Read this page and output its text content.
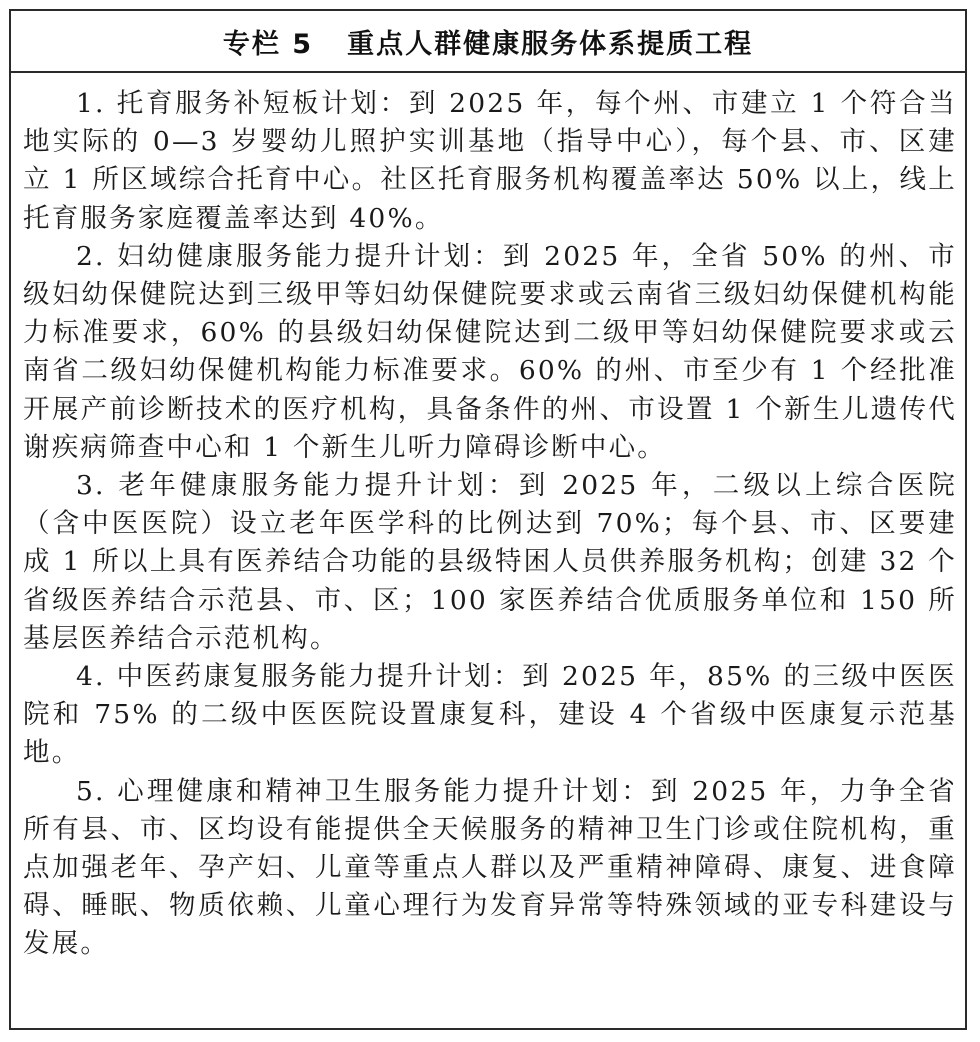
专栏 5 重点人群健康服务体系提质工程

1. 托育服务补短板计划：到 2025 年，每个州、市建立 1 个符合当地实际的 0—3 岁婴幼儿照护实训基地（指导中心），每个县、市、区建立 1 所区域综合托育中心。社区托育服务机构覆盖率达 50% 以上，线上托育服务家庭覆盖率达到 40%。

2. 妇幼健康服务能力提升计划：到 2025 年，全省 50% 的州、市级妇幼保健院达到三级甲等妇幼保健院要求或云南省三级妇幼保健机构能力标准要求，60% 的县级妇幼保健院达到二级甲等妇幼保健院要求或云南省二级妇幼保健机构能力标准要求。60% 的州、市至少有 1 个经批准开展产前诊断技术的医疗机构，具备条件的州、市设置 1 个新生儿遗传代谢疾病筛查中心和 1 个新生儿听力障碍诊断中心。

3. 老年健康服务能力提升计划：到 2025 年，二级以上综合医院（含中医医院）设立老年医学科的比例达到 70%；每个县、市、区要建成 1 所以上具有医养结合功能的县级特困人员供养服务机构；创建 32 个省级医养结合示范县、市、区；100 家医养结合优质服务单位和 150 所基层医养结合示范机构。

4. 中医药康复服务能力提升计划：到 2025 年，85% 的三级中医医院和 75% 的二级中医医院设置康复科，建设 4 个省级中医康复示范基地。

5. 心理健康和精神卫生服务能力提升计划：到 2025 年，力争全省所有县、市、区均设有能提供全天候服务的精神卫生门诊或住院机构，重点加强老年、孕产妇、儿童等重点人群以及严重精神障碍、康复、进食障碍、睡眠、物质依赖、儿童心理行为发育异常等特殊领域的亚专科建设与发展。
